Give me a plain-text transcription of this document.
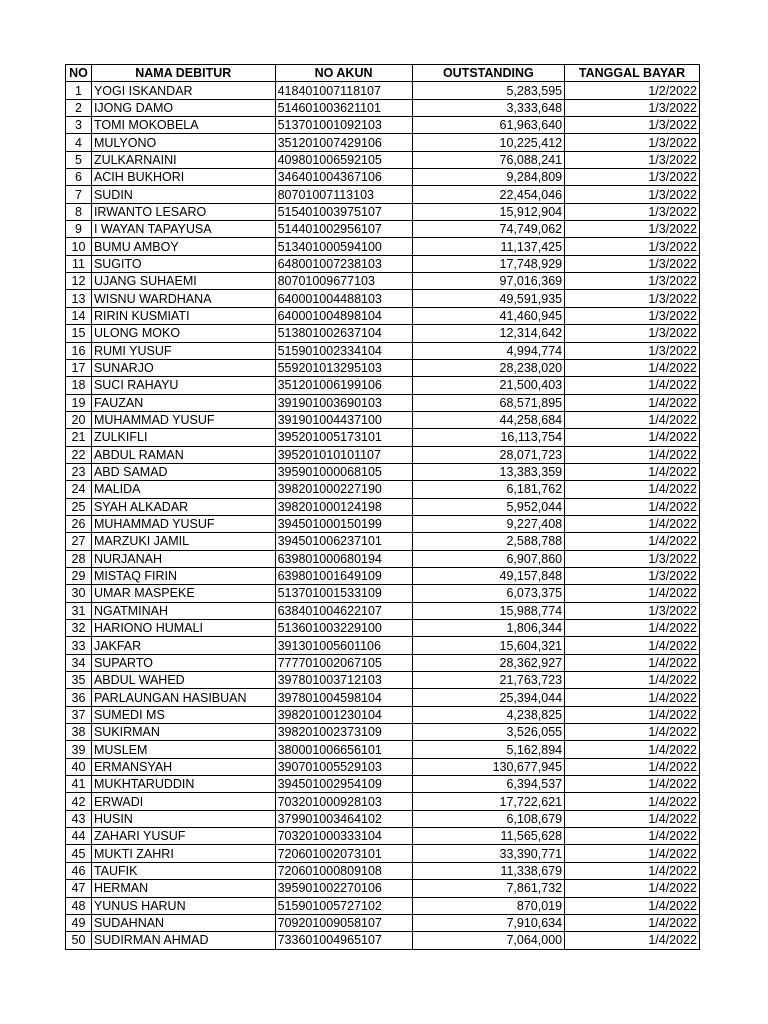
NO	NAMA DEBITUR	NO AKUN	OUTSTANDING	TANGGAL BAYAR
1	YOGI ISKANDAR	418401007118107	5,283,595	1/2/2022
2	IJONG DAMO	514601003621101	3,333,648	1/3/2022
3	TOMI MOKOBELA	513701001092103	61,963,640	1/3/2022
4	MULYONO	351201007429106	10,225,412	1/3/2022
5	ZULKARNAINI	409801006592105	76,088,241	1/3/2022
6	ACIH BUKHORI	346401004367106	9,284,809	1/3/2022
7	SUDIN	80701007113103	22,454,046	1/3/2022
8	IRWANTO LESARO	515401003975107	15,912,904	1/3/2022
9	I WAYAN TAPAYUSA	514401002956107	74,749,062	1/3/2022
10	BUMU AMBOY	513401000594100	11,137,425	1/3/2022
11	SUGITO	648001007238103	17,748,929	1/3/2022
12	UJANG SUHAEMI	80701009677103	97,016,369	1/3/2022
13	WISNU WARDHANA	640001004488103	49,591,935	1/3/2022
14	RIRIN KUSMIATI	640001004898104	41,460,945	1/3/2022
15	ULONG MOKO	513801002637104	12,314,642	1/3/2022
16	RUMI YUSUF	515901002334104	4,994,774	1/3/2022
17	SUNARJO	559201013295103	28,238,020	1/4/2022
18	SUCI RAHAYU	351201006199106	21,500,403	1/4/2022
19	FAUZAN	391901003690103	68,571,895	1/4/2022
20	MUHAMMAD YUSUF	391901004437100	44,258,684	1/4/2022
21	ZULKIFLI	395201005173101	16,113,754	1/4/2022
22	ABDUL RAMAN	395201010101107	28,071,723	1/4/2022
23	ABD SAMAD	395901000068105	13,383,359	1/4/2022
24	MALIDA	398201000227190	6,181,762	1/4/2022
25	SYAH ALKADAR	398201000124198	5,952,044	1/4/2022
26	MUHAMMAD YUSUF	394501000150199	9,227,408	1/4/2022
27	MARZUKI JAMIL	394501006237101	2,588,788	1/4/2022
28	NURJANAH	639801000680194	6,907,860	1/3/2022
29	MISTAQ FIRIN	639801001649109	49,157,848	1/3/2022
30	UMAR MASPEKE	513701001533109	6,073,375	1/4/2022
31	NGATMINAH	638401004622107	15,988,774	1/3/2022
32	HARIONO HUMALI	513601003229100	1,806,344	1/4/2022
33	JAKFAR	391301005601106	15,604,321	1/4/2022
34	SUPARTO	777701002067105	28,362,927	1/4/2022
35	ABDUL WAHED	397801003712103	21,763,723	1/4/2022
36	PARLAUNGAN HASIBUAN	397801004598104	25,394,044	1/4/2022
37	SUMEDI MS	398201001230104	4,238,825	1/4/2022
38	SUKIRMAN	398201002373109	3,526,055	1/4/2022
39	MUSLEM	380001006656101	5,162,894	1/4/2022
40	ERMANSYAH	390701005529103	130,677,945	1/4/2022
41	MUKHTARUDDIN	394501002954109	6,394,537	1/4/2022
42	ERWADI	703201000928103	17,722,621	1/4/2022
43	HUSIN	379901003464102	6,108,679	1/4/2022
44	ZAHARI YUSUF	703201000333104	11,565,628	1/4/2022
45	MUKTI ZAHRI	720601002073101	33,390,771	1/4/2022
46	TAUFIK	720601000809108	11,338,679	1/4/2022
47	HERMAN	395901002270106	7,861,732	1/4/2022
48	YUNUS HARUN	515901005727102	870,019	1/4/2022
49	SUDAHNAN	709201009058107	7,910,634	1/4/2022
50	SUDIRMAN AHMAD	733601004965107	7,064,000	1/4/2022
